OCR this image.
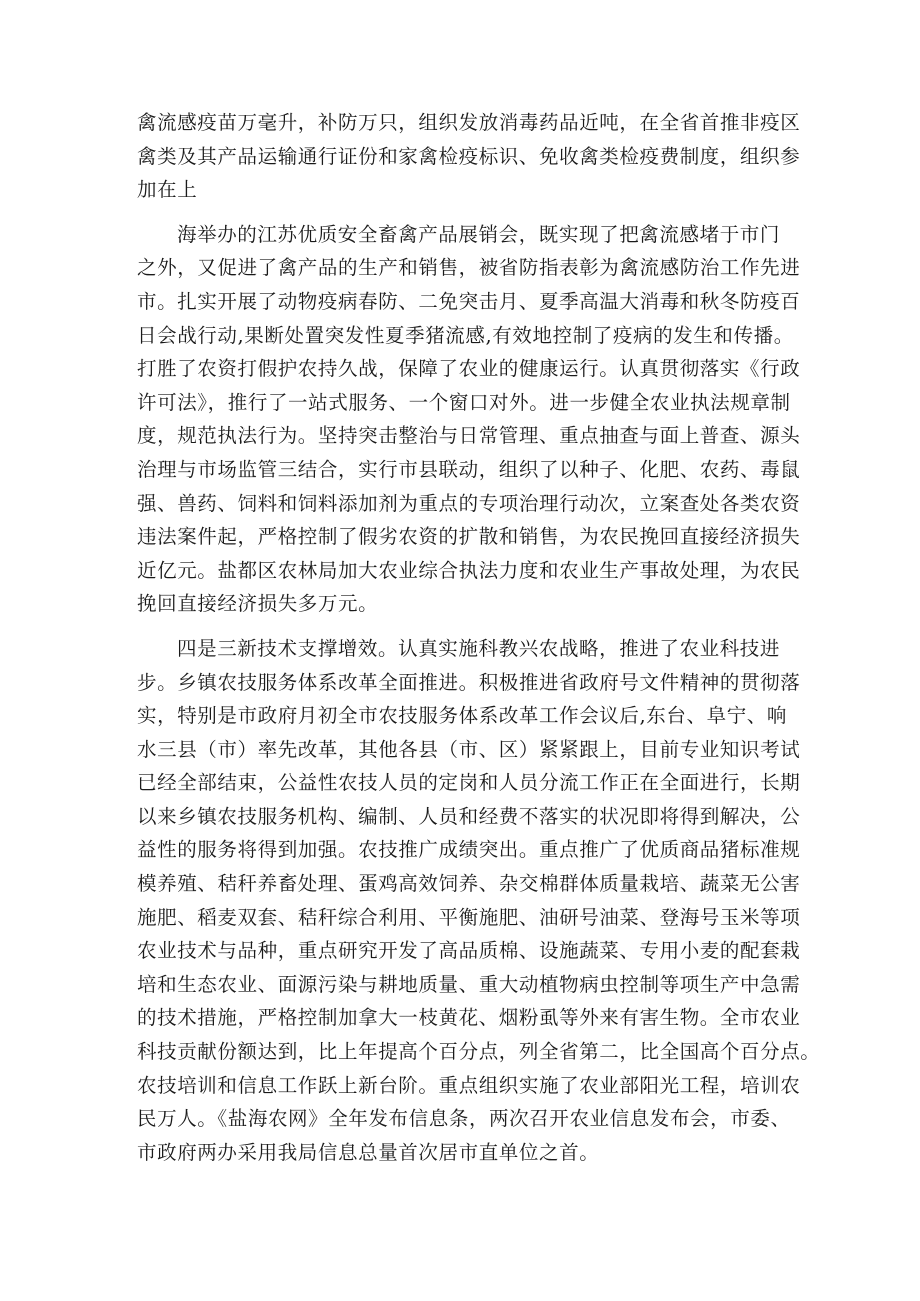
禽流感疫苗万毫升，补防万只，组织发放消毒药品近吨，在全省首推非疫区
禽类及其产品运输通行证份和家禽检疫标识、免收禽类检疫费制度，组织参
加在上
海举办的江苏优质安全畜禽产品展销会，既实现了把禽流感堵于市门
之外，又促进了禽产品的生产和销售，被省防指表彰为禽流感防治工作先进
市。扎实开展了动物疫病春防、二免突击月、夏季高温大消毒和秋冬防疫百
日会战行动,果断处置突发性夏季猪流感,有效地控制了疫病的发生和传播。
打胜了农资打假护农持久战，保障了农业的健康运行。认真贯彻落实《行政
许可法》，推行了一站式服务、一个窗口对外。进一步健全农业执法规章制
度，规范执法行为。坚持突击整治与日常管理、重点抽查与面上普查、源头
治理与市场监管三结合，实行市县联动，组织了以种子、化肥、农药、毒鼠
强、兽药、饲料和饲料添加剂为重点的专项治理行动次，立案查处各类农资
违法案件起，严格控制了假劣农资的扩散和销售，为农民挽回直接经济损失
近亿元。盐都区农林局加大农业综合执法力度和农业生产事故处理，为农民
挽回直接经济损失多万元。
四是三新技术支撑增效。认真实施科教兴农战略，推进了农业科技进
步。乡镇农技服务体系改革全面推进。积极推进省政府号文件精神的贯彻落
实，特别是市政府月初全市农技服务体系改革工作会议后,东台、阜宁、响
水三县（市）率先改革，其他各县（市、区）紧紧跟上，目前专业知识考试
已经全部结束，公益性农技人员的定岗和人员分流工作正在全面进行，长期
以来乡镇农技服务机构、编制、人员和经费不落实的状况即将得到解决，公
益性的服务将得到加强。农技推广成绩突出。重点推广了优质商品猪标准规
模养殖、秸秆养畜处理、蛋鸡高效饲养、杂交棉群体质量栽培、蔬菜无公害
施肥、稻麦双套、秸秆综合利用、平衡施肥、油研号油菜、登海号玉米等项
农业技术与品种，重点研究开发了高品质棉、设施蔬菜、专用小麦的配套栽
培和生态农业、面源污染与耕地质量、重大动植物病虫控制等项生产中急需
的技术措施，严格控制加拿大一枝黄花、烟粉虱等外来有害生物。全市农业
科技贡献份额达到，比上年提高个百分点，列全省第二，比全国高个百分点。
农技培训和信息工作跃上新台阶。重点组织实施了农业部阳光工程，培训农
民万人。《盐海农网》全年发布信息条，两次召开农业信息发布会，市委、
市政府两办采用我局信息总量首次居市直单位之首。
